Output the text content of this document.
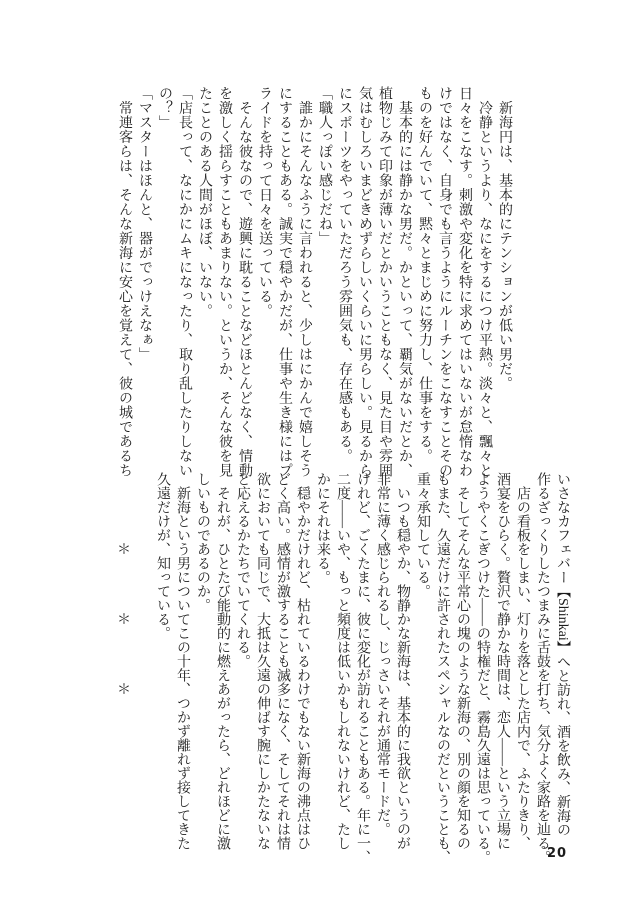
　新海円は、基本的にテンションが低い男だ。
　冷静というより、なにをするにつけ平熱。淡々と、飄々と
日々をこなす。刺激や変化を特に求めてはいないが怠惰なわ
けではなく、自身でも言うようにルーチンをこなすことその
ものを好んでいて、黙々とまじめに努力し、仕事をする。
　基本的には静かな男だ。かといって、覇気がないだとか、
植物じみて印象が薄いだとかいうこともなく、見た目や雰囲
気はむしろいまどきめずらしいくらいに男らしい。見るから
にスポーツをやっていただろう雰囲気も、存在感もある。
「職人っぽい感じだね」
　誰かにそんなふうに言われると、少しはにかんで嬉しそう
にすることもある。誠実で穏やかだが、仕事や生き様にはプ
ライドを持って日々を送っている。
　そんな彼なので、遊興に耽ることなどほとんどなく、情動
を激しく揺らすこともあまりない。というか、そんな彼を見
たことのある人間がほぼ、いない。
「店長って、なにかにムキになったり、取り乱したりしない
の？」
「マスターはほんと、器がでっけえなぁ」
　常連客らは、そんな新海に安心を覚えて、彼の城であるち
いさなカフェバー【Shinkai】へと訪れ、酒を飲み、新海の
作るざっくりしたつまみに舌鼓を打ち、気分よく家路を辿る。
　店の看板をしまい、灯りを落とした店内で、ふたりきり、
酒宴をひらく。贅沢で静かな時間は、恋人――という立場に
ようやくこぎつけた――の特権だと、霧島久遠は思っている。
　そしてそんな平常心の塊のような新海の、別の顔を知るの
もまた、久遠だけに許されたスペシャルなのだということも、
重々承知している。
　いつも穏やか、物静かな新海は、基本的に我欲というのが
非常に薄く感じられるし、じっさいそれが通常モードだ。
けれど、ごくたまに、彼に変化が訪れることもある。年に一、
二度――いや、もっと頻度は低いかもしれないけれど、たし
かにそれは来る。
　穏やかだけれど、枯れているわけでもない新海の沸点はひ
どく高い。感情が激することも滅多になく、そしてそれは情
欲においても同じで、大抵は久遠の伸ばす腕にしかたないな
と応えるかたちでいてくれる。
　それが、ひとたび能動的に燃えあがったら、どれほどに激
しいものであるのか。
　新海という男についてこの十年、つかず離れず接してきた
久遠だけが、知っている。

　　　　　＊　　　　＊　　　　＊
20
